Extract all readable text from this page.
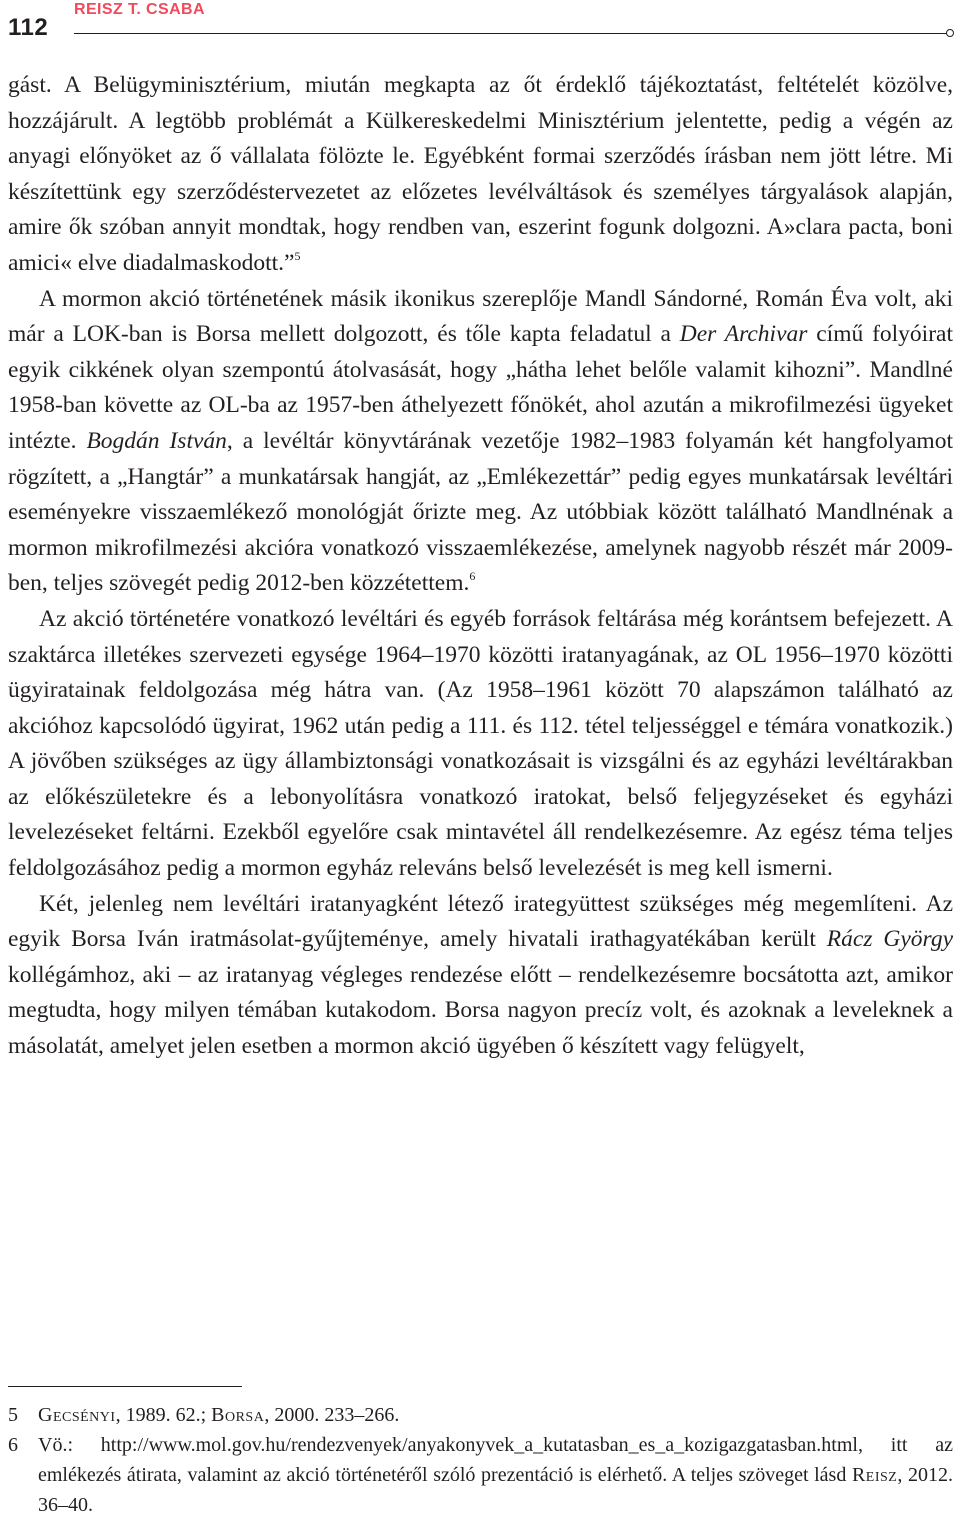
112
REISZ T. CSABA

gást. A Belügyminisztérium, miután megkapta az őt érdeklő tájékoztatást, feltételét közölve, hozzájárult. A legtöbb problémát a Külkereskedelmi Minisztérium jelentette, pedig a végén az anyagi előnyöket az ő vállalata fölözte le. Egyébként formai szerződés írásban nem jött létre. Mi készítettünk egy szerződéstervezetet az előzetes levélváltások és személyes tárgyalások alapján, amire ők szóban annyit mondtak, hogy rendben van, eszerint fogunk dolgozni. A»clara pacta, boni amici« elve diadalmaskodott.”$^5$

A mormon akció történetének másik ikonikus szereplője Mandl Sándorné, Román Éva volt, aki már a LOK-ban is Borsa mellett dolgozott, és tőle kapta feladatul a Der Archivar című folyóirat egyik cikkének olyan szempontú átolvasását, hogy „hátha lehet belőle valamit kihozni”. Mandlné 1958-ban követte az OL-ba az 1957-ben áthelyezett főnökét, ahol azután a mikrofilmezési ügyeket intézte. Bogdán István, a levéltár könyvtárának vezetője 1982–1983 folyamán két hangfolyamot rögzített, a „Hangtár” a munkatársak hangját, az „Emlékezettár” pedig egyes munkatársak levéltári eseményekre visszaemlékező monológját őrizte meg. Az utóbbiak között található Mandlnénak a mormon mikrofilmezési akcióra vonatkozó visszaemlékezése, amelynek nagyobb részét már 2009-ben, teljes szövegét pedig 2012-ben közzétettem.$^6$

Az akció történetére vonatkozó levéltári és egyéb források feltárása még korántsem befejezett. A szaktárca illetékes szervezeti egysége 1964–1970 közötti iratanyagának, az OL 1956–1970 közötti ügyiratainak feldolgozása még hátra van. (Az 1958–1961 között 70 alapszámon található az akcióhoz kapcsolódó ügyirat, 1962 után pedig a 111. és 112. tétel teljességgel e témára vonatkozik.) A jövőben szükséges az ügy állambiztonsági vonatkozásait is vizsgálni és az egyházi levéltárakban az előkészületekre és a lebonyolításra vonatkozó iratokat, belső feljegyzéseket és egyházi levelezéseket feltárni. Ezekből egyelőre csak mintavétel áll rendelkezésemre. Az egész téma teljes feldolgozásához pedig a mormon egyház releváns belső levelezését is meg kell ismerni.

Két, jelenleg nem levéltári iratanyagként létező irategyüttest szükséges még megemlíteni. Az egyik Borsa Iván iratmásolat-gyűjteménye, amely hivatali irathagyatékában került Rácz György kollégámhoz, aki – az iratanyag végleges rendezése előtt – rendelkezésemre bocsátotta azt, amikor megtudta, hogy milyen témában kutakodom. Borsa nagyon precíz volt, és azoknak a leveleknek a másolatát, amelyet jelen esetben a mormon akció ügyében ő készített vagy felügyelt,

5 Gecsényi, 1989. 62.; Borsa, 2000. 233–266.
6 Vö.: http://www.mol.gov.hu/rendezvenyek/anyakonyvek_a_kutatasban_es_a_kozigazgatasban.html, itt az emlékezés átirata, valamint az akció történetéről szóló prezentáció is elérhető. A teljes szöveget lásd Reisz, 2012. 36–40.
